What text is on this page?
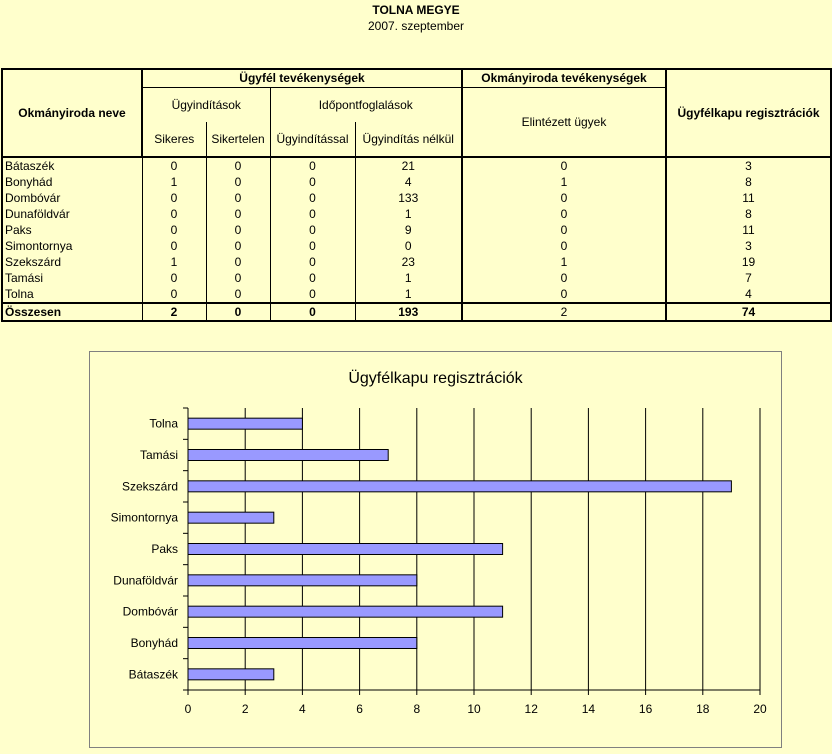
TOLNA MEGYE
2007. szeptember
Okmányiroda neve	Ügyfél tevékenységek				Okmányiroda tevékenységek	Ügyfélkapu regisztrációk
	Ügyindítások		Időpontfoglalások		Elintézett ügyek	
	Sikeres	Sikertelen	Ügyindítással	Ügyindítás nélkül		
Bátaszék	0	0	0	21	0	3
Bonyhád	1	0	0	4	1	8
Dombóvár	0	0	0	133	0	11
Dunaföldvár	0	0	0	1	0	8
Paks	0	0	0	9	0	11
Simontornya	0	0	0	0	0	3
Szekszárd	1	0	0	23	1	19
Tamási	0	0	0	1	0	7
Tolna	0	0	0	1	0	4
Összesen	2	0	0	193	2	74
Ügyfélkapu regisztrációk
0	2	4	6	8	10	12	14	16	18	20
Bátaszék
Bonyhád
Dombóvár
Dunaföldvár
Paks
Simontornya
Szekszárd
Tamási
Tolna
